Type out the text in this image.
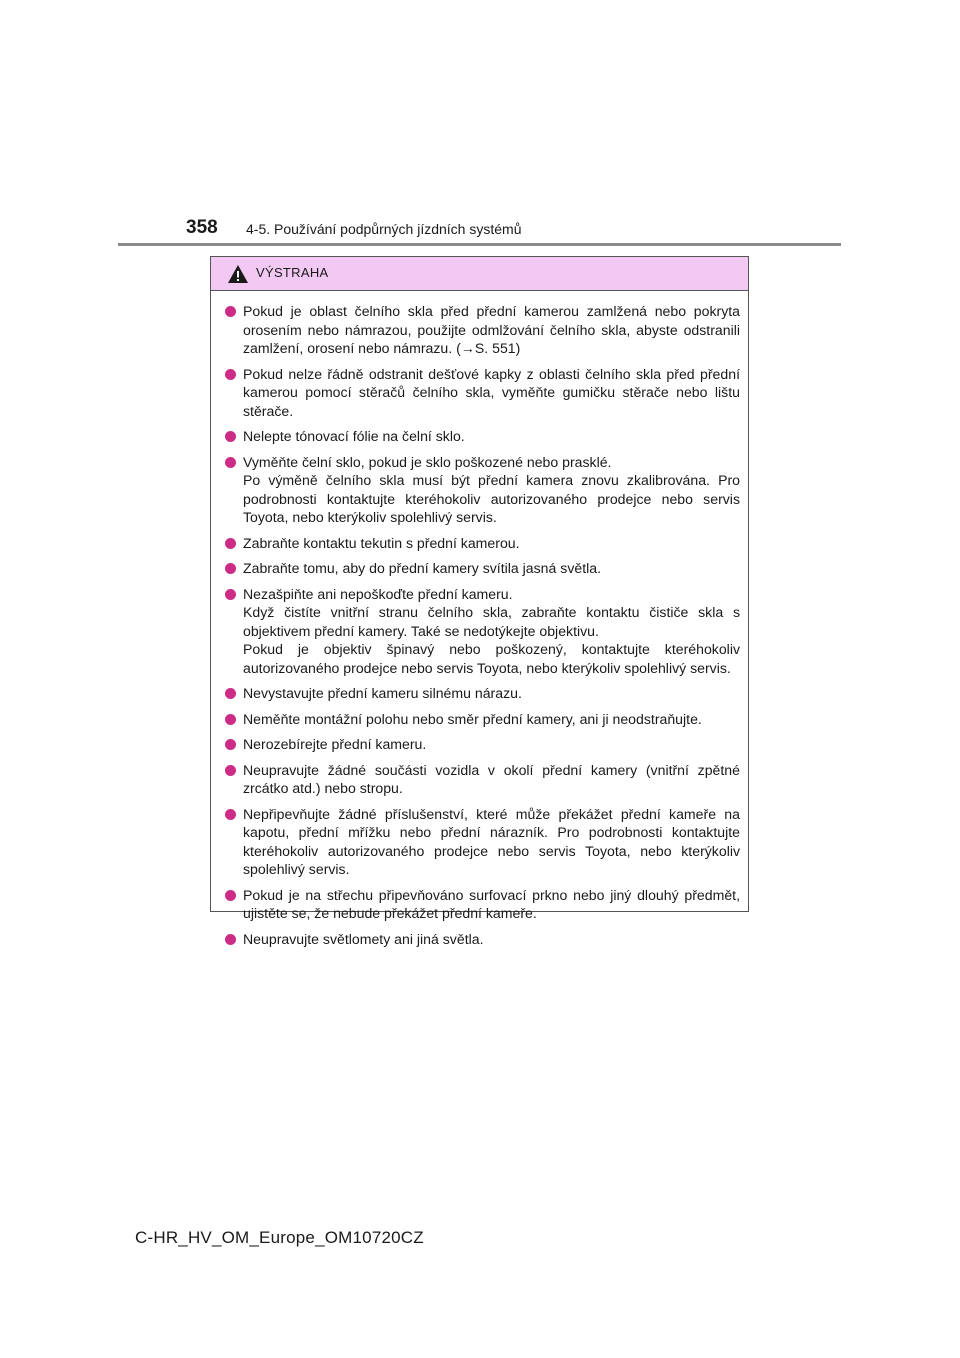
358 4-5. Používání podpůrných jízdních systémů
VÝSTRAHA
Pokud je oblast čelního skla před přední kamerou zamlžená nebo pokryta orosením nebo námrazou, použijte odmlžování čelního skla, abyste odstranili zamlžení, orosení nebo námrazu. (→S. 551)
Pokud nelze řádně odstranit dešťové kapky z oblasti čelního skla před přední kamerou pomocí stěračů čelního skla, vyměňte gumičku stěrače nebo lištu stěrače.
Nelepte tónovací fólie na čelní sklo.
Vyměňte čelní sklo, pokud je sklo poškozené nebo prasklé.
Po výměně čelního skla musí být přední kamera znovu zkalibrována. Pro podrobnosti kontaktujte kteréhokoliv autorizovaného prodejce nebo servis Toyota, nebo kterýkoliv spolehlivý servis.
Zabraňte kontaktu tekutin s přední kamerou.
Zabraňte tomu, aby do přední kamery svítila jasná světla.
Nezašpiňte ani nepoškoďte přední kameru.
Když čistíte vnitřní stranu čelního skla, zabraňte kontaktu čističe skla s objektivem přední kamery. Také se nedotýkejte objektivu.
Pokud je objektiv špinavý nebo poškozený, kontaktujte kteréhokoliv autorizovaného prodejce nebo servis Toyota, nebo kterýkoliv spolehlivý servis.
Nevystavujte přední kameru silnému nárazu.
Neměňte montážní polohu nebo směr přední kamery, ani ji neodstraňujte.
Nerozebírejte přední kameru.
Neupravujte žádné součásti vozidla v okolí přední kamery (vnitřní zpětné zrcátko atd.) nebo stropu.
Nepřipevňujte žádné příslušenství, které může překážet přední kameře na kapotu, přední mřížku nebo přední nárazník. Pro podrobnosti kontaktujte kteréhokoliv autorizovaného prodejce nebo servis Toyota, nebo kterýkoliv spolehlivý servis.
Pokud je na střechu připevňováno surfovací prkno nebo jiný dlouhý předmět, ujistěte se, že nebude překážet přední kameře.
Neupravujte světlomety ani jiná světla.
C-HR_HV_OM_Europe_OM10720CZ
